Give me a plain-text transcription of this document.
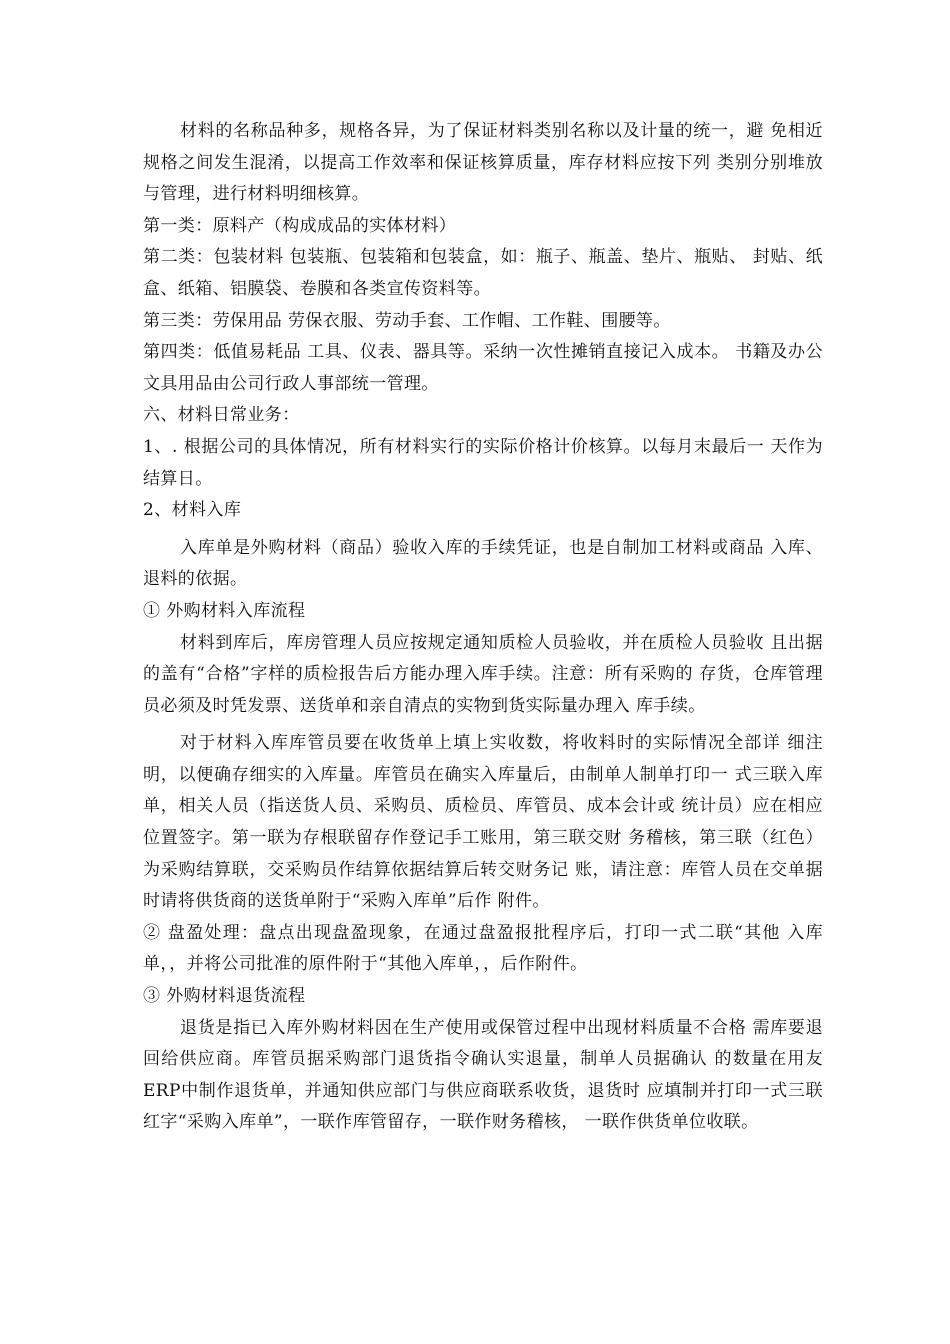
材料的名称品种多，规格各异，为了保证材料类别名称以及计量的统一，避 免相近规格之间发生混淆，以提高工作效率和保证核算质量，库存材料应按下列 类别分别堆放与管理，进行材料明细核算。

第一类：原料产（构成成品的实体材料）

第二类：包装材料 包装瓶、包装箱和包装盒，如：瓶子、瓶盖、垫片、瓶贴、 封贴、纸盒、纸箱、铝膜袋、卷膜和各类宣传资料等。

第三类：劳保用品 劳保衣服、劳动手套、工作帽、工作鞋、围腰等。

第四类：低值易耗品 工具、仪表、器具等。采纳一次性摊销直接记入成本。 书籍及办公文具用品由公司行政人事部统一管理。

六、材料日常业务：

1、. 根据公司的具体情况，所有材料实行的实际价格计价核算。以每月末最后一 天作为结算日。

2、材料入库

入库单是外购材料（商品）验收入库的手续凭证，也是自制加工材料或商品 入库、退料的依据。

① 外购材料入库流程

材料到库后，库房管理人员应按规定通知质检人员验收，并在质检人员验收 且出据的盖有“合格”字样的质检报告后方能办理入库手续。注意：所有采购的 存货，仓库管理员必须及时凭发票、送货单和亲自清点的实物到货实际量办理入 库手续。

对于材料入库库管员要在收货单上填上实收数，将收料时的实际情况全部详 细注明，以便确存细实的入库量。库管员在确实入库量后，由制单人制单打印一 式三联入库单，相关人员（指送货人员、采购员、质检员、库管员、成本会计或 统计员）应在相应位置签字。第一联为存根联留存作登记手工账用，第三联交财 务稽核，第三联（红色）为采购结算联，交采购员作结算依据结算后转交财务记 账，请注意：库管人员在交单据时请将供货商的送货单附于“采购入库单”后作 附件。

② 盘盈处理：盘点出现盘盈现象，在通过盘盈报批程序后，打印一式二联“其他 入库单，，并将公司批准的原件附于“其他入库单，，后作附件。

③ 外购材料退货流程

退货是指已入库外购材料因在生产使用或保管过程中出现材料质量不合格 需库要退回给供应商。库管员据采购部门退货指令确认实退量，制单人员据确认 的数量在用友ERP中制作退货单，并通知供应部门与供应商联系收货，退货时 应填制并打印一式三联红字“采购入库单”，一联作库管留存，一联作财务稽核， 一联作供货单位收联。
